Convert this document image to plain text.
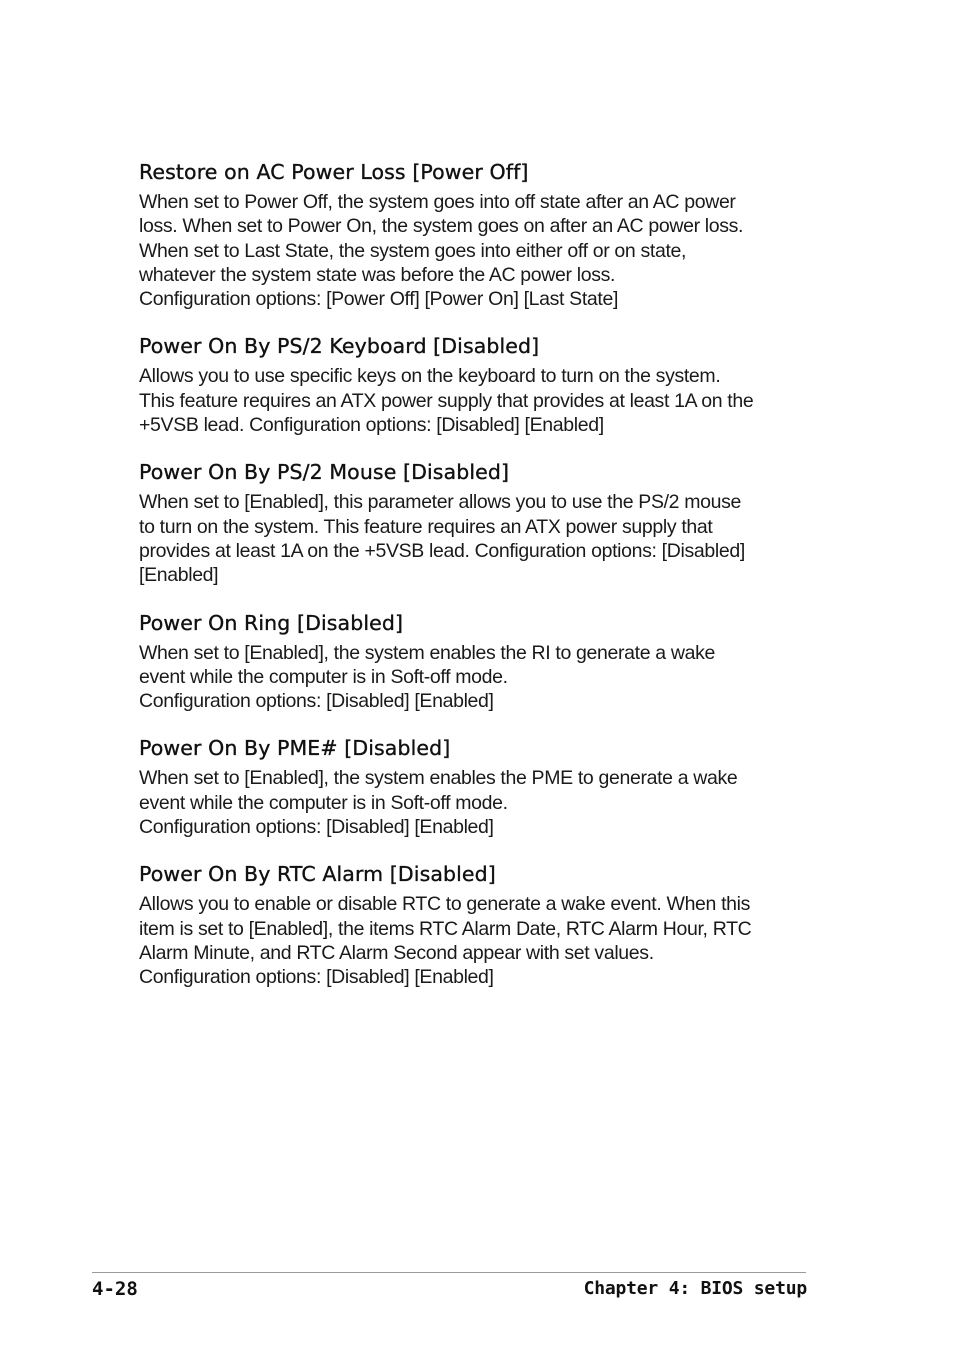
Restore on AC Power Loss [Power Off]

When set to Power Off, the system goes into off state after an AC power
loss. When set to Power On, the system goes on after an AC power loss.
When set to Last State, the system goes into either off or on state,
whatever the system state was before the AC power loss.
Configuration options: [Power Off] [Power On] [Last State]

Power On By PS/2 Keyboard [Disabled]

Allows you to use specific keys on the keyboard to turn on the system.
This feature requires an ATX power supply that provides at least 1A on the
+5VSB lead. Configuration options: [Disabled] [Enabled]

Power On By PS/2 Mouse [Disabled]

When set to [Enabled], this parameter allows you to use the PS/2 mouse
to turn on the system. This feature requires an ATX power supply that
provides at least 1A on the +5VSB lead. Configuration options: [Disabled]
[Enabled]

Power On Ring [Disabled]

When set to [Enabled], the system enables the RI to generate a wake
event while the computer is in Soft-off mode.
Configuration options: [Disabled] [Enabled]

Power On By PME# [Disabled]

When set to [Enabled], the system enables the PME to generate a wake
event while the computer is in Soft-off mode.
Configuration options: [Disabled] [Enabled]

Power On By RTC Alarm [Disabled]

Allows you to enable or disable RTC to generate a wake event. When this
item is set to [Enabled], the items RTC Alarm Date, RTC Alarm Hour, RTC
Alarm Minute, and RTC Alarm Second appear with set values.
Configuration options: [Disabled] [Enabled]

4-28	Chapter 4: BIOS setup
